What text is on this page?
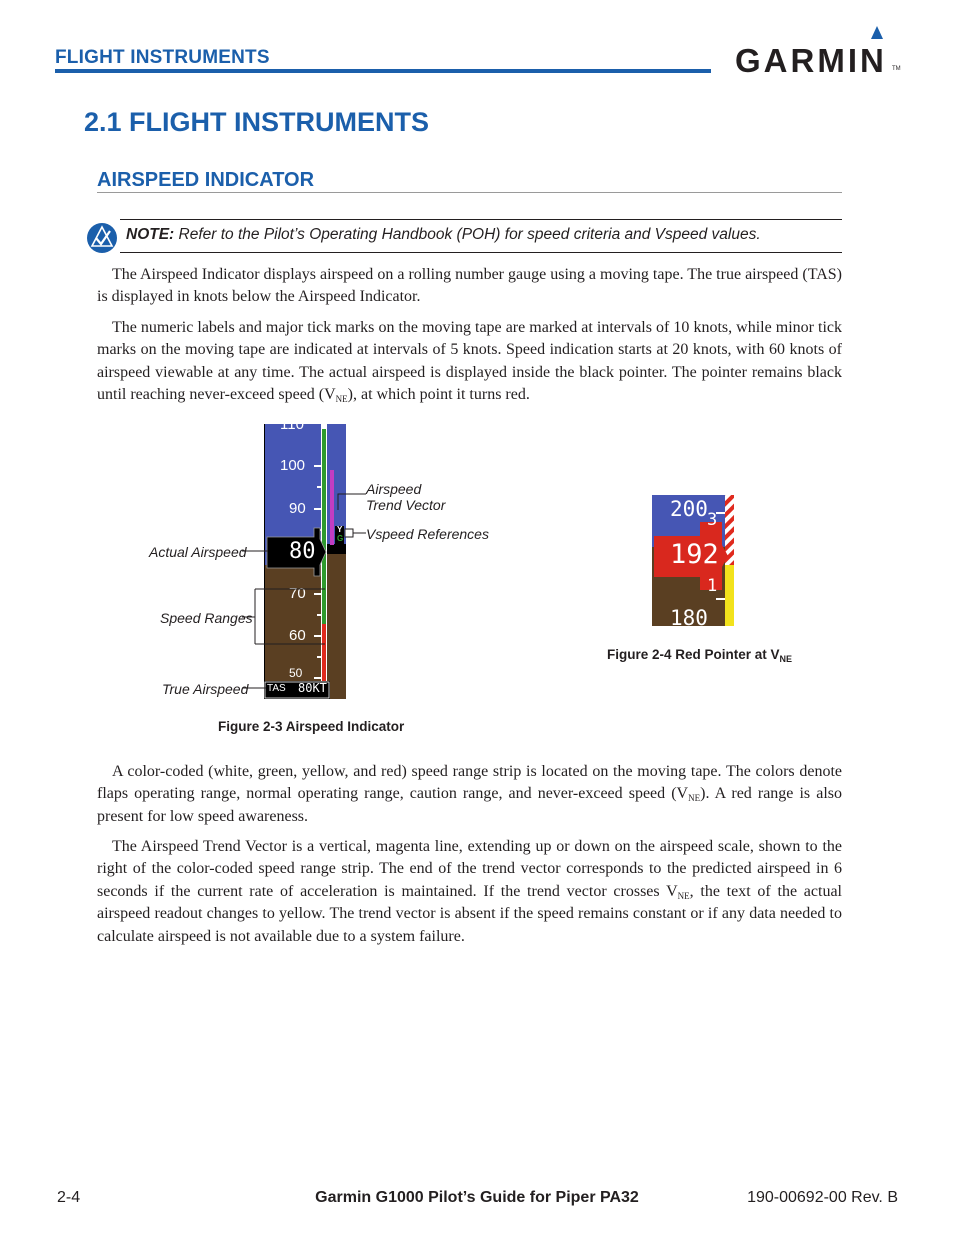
FLIGHT INSTRUMENTS	GARMIN TM
2.1 FLIGHT INSTRUMENTS
AIRSPEED INDICATOR
NOTE: Refer to the Pilot’s Operating Handbook (POH) for speed criteria and Vspeed values.

The Airspeed Indicator displays airspeed on a rolling number gauge using a moving tape. The true airspeed (TAS) is displayed in knots below the Airspeed Indicator.

The numeric labels and major tick marks on the moving tape are marked at intervals of 10 knots, while minor tick marks on the moving tape are indicated at intervals of 5 knots. Speed indication starts at 20 knots, with 60 knots of airspeed viewable at any time. The actual airspeed is displayed inside the black pointer. The pointer remains black until reaching never-exceed speed $(V_{NE})$, at which point it turns red.

110
100
90
70
60
50
80
Y
G
TAS 80KT
Airspeed
Trend Vector
Vspeed References
Actual Airspeed
Speed Ranges
True Airspeed
Figure 2-3 Airspeed Indicator
200
180
3
192
Figure 2-4 Red Pointer at $V_{NE}$

A color-coded (white, green, yellow, and red) speed range strip is located on the moving tape. The colors denote flaps operating range, normal operating range, caution range, and never-exceed speed $(V_{NE})$. A red range is also present for low speed awareness.

The Airspeed Trend Vector is a vertical, magenta line, extending up or down on the airspeed scale, shown to the right of the color-coded speed range strip. The end of the trend vector corresponds to the predicted airspeed in 6 seconds if the current rate of acceleration is maintained. If the trend vector crosses $V_{NE}$, the text of the actual airspeed readout changes to yellow. The trend vector is absent if the speed remains constant or if any data needed to calculate airspeed is not available due to a system failure.

2-4	Garmin G1000 Pilot’s Guide for Piper PA32	190-00692-00 Rev. B
